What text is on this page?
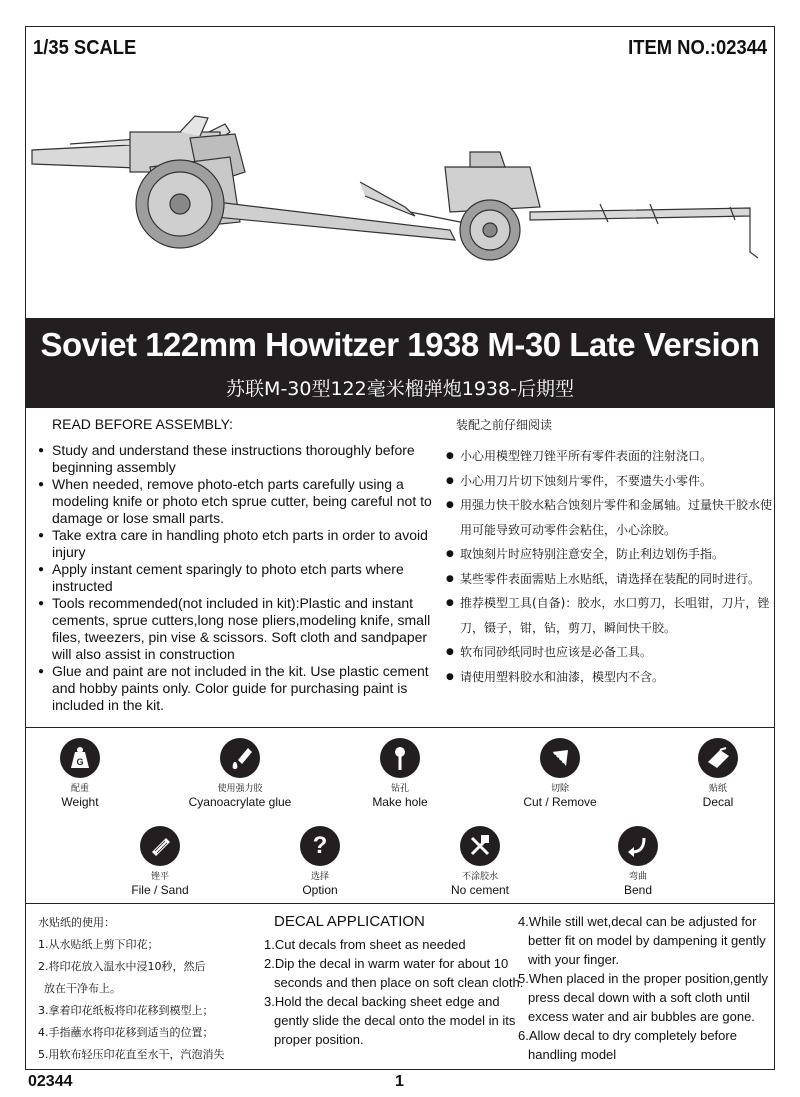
1/35 SCALE	ITEM NO.:02344
Soviet 122mm Howitzer 1938 M-30 Late Version
苏联M-30型122毫米榴弹炮1938-后期型
READ BEFORE ASSEMBLY:
● Study and understand these instructions thoroughly before beginning assembly
● When needed, remove photo-etch parts carefully using a modeling knife or photo etch sprue cutter, being careful not to damage or lose small parts.
● Take extra care in handling photo etch parts in order to avoid injury
● Apply instant cement sparingly to photo etch parts where instructed
● Tools recommended(not included in kit):Plastic and instant cements, sprue cutters,long nose pliers,modeling knife, small files, tweezers, pin vise & scissors. Soft cloth and sandpaper will also assist in construction
● Glue and paint are not included in the kit. Use plastic cement and hobby paints only. Color guide for purchasing paint is included in the kit.
装配之前仔细阅读
● 小心用模型锉刀锉平所有零件表面的注射浇口。
● 小心用刀片切下蚀刻片零件，不要遗失小零件。
● 用强力快干胶水粘合蚀刻片零件和金属轴。过量快干胶水使用可能导致可动零件会粘住，小心涂胶。
● 取蚀刻片时应特别注意安全，防止利边划伤手指。
● 某些零件表面需贴上水贴纸，请选择在装配的同时进行。
● 推荐模型工具(自备)：胶水，水口剪刀，长咀钳，刀片，锉刀，镊子，钳，钻，剪刀，瞬间快干胶。
● 软布同砂纸同时也应该是必备工具。
● 请使用塑料胶水和油漆，模型内不含。
G
配重
Weight
使用强力胶
Cyanoacrylate glue
钻孔
Make hole
切除
Cut / Remove
贴纸
Decal
锉平
File / Sand
?
选择
Option
不涂胶水
No cement
弯曲
Bend
水贴纸的使用：
1.从水贴纸上剪下印花；
2.将印花放入温水中浸10秒，然后
放在干净布上。
3.拿着印花纸板将印花移到模型上；
4.手指蘸水将印花移到适当的位置；
5.用软布轻压印花直至水干，汽泡消失
DECAL APPLICATION
1.Cut decals from sheet as needed
2.Dip the decal in warm water for about 10
seconds and then place on soft clean cloth.
3.Hold the decal backing sheet edge and
gently slide the decal onto the model in its
proper position.
4.While still wet,decal can be adjusted for
better fit on model by dampening it gently
with your finger.
5.When placed in the proper position,gently
press decal down with a soft cloth until
excess water and air bubbles are gone.
6.Allow decal to dry completely before
handling model
02344	1
